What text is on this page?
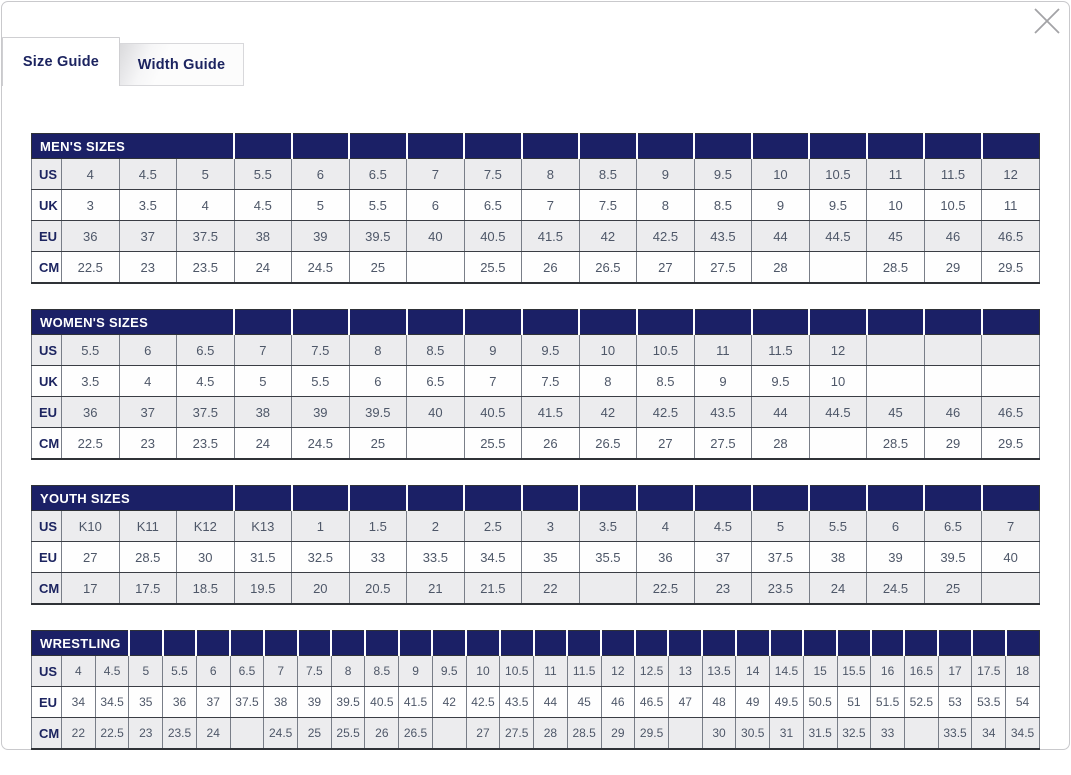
Size Guide	Width Guide
MEN'S SIZES																	
US	4	4.5	5	5.5	6	6.5	7	7.5	8	8.5	9	9.5	10	10.5	11	11.5	12
UK	3	3.5	4	4.5	5	5.5	6	6.5	7	7.5	8	8.5	9	9.5	10	10.5	11
EU	36	37	37.5	38	39	39.5	40	40.5	41.5	42	42.5	43.5	44	44.5	45	46	46.5
CM	22.5	23	23.5	24	24.5	25		25.5	26	26.5	27	27.5	28		28.5	29	29.5
WOMEN'S SIZES																	
US	5.5	6	6.5	7	7.5	8	8.5	9	9.5	10	10.5	11	11.5	12			
UK	3.5	4	4.5	5	5.5	6	6.5	7	7.5	8	8.5	9	9.5	10			
EU	36	37	37.5	38	39	39.5	40	40.5	41.5	42	42.5	43.5	44	44.5	45	46	46.5
CM	22.5	23	23.5	24	24.5	25		25.5	26	26.5	27	27.5	28		28.5	29	29.5
YOUTH SIZES																	
US	K10	K11	K12	K13	1	1.5	2	2.5	3	3.5	4	4.5	5	5.5	6	6.5	7
EU	27	28.5	30	31.5	32.5	33	33.5	34.5	35	35.5	36	37	37.5	38	39	39.5	40
CM	17	17.5	18.5	19.5	20	20.5	21	21.5	22		22.5	23	23.5	24	24.5	25	
WRESTLING																													
US	4	4.5	5	5.5	6	6.5	7	7.5	8	8.5	9	9.5	10	10.5	11	11.5	12	12.5	13	13.5	14	14.5	15	15.5	16	16.5	17	17.5	18
EU	34	34.5	35	36	37	37.5	38	39	39.5	40.5	41.5	42	42.5	43.5	44	45	46	46.5	47	48	49	49.5	50.5	51	51.5	52.5	53	53.5	54
CM	22	22.5	23	23.5	24		24.5	25	25.5	26	26.5		27	27.5	28	28.5	29	29.5		30	30.5	31	31.5	32.5	33		33.5	34	34.5
